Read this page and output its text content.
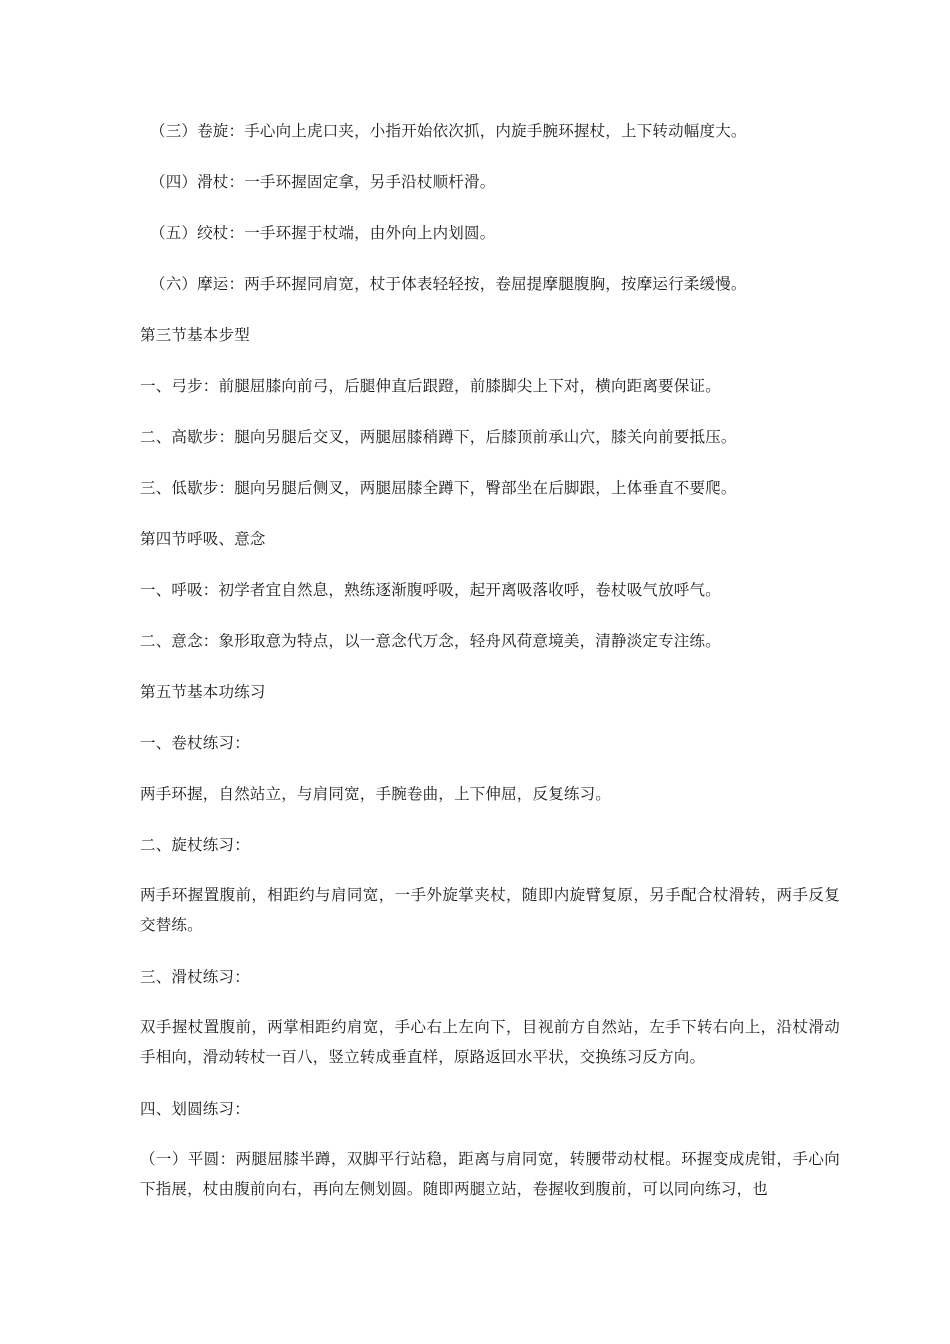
（三）卷旋：手心向上虎口夹，小指开始依次抓，内旋手腕环握杖，上下转动幅度大。
（四）滑杖：一手环握固定拿，另手沿杖顺杆滑。
（五）绞杖：一手环握于杖端，由外向上内划圆。
（六）摩运：两手环握同肩宽，杖于体表轻轻按，卷屈提摩腿腹胸，按摩运行柔缓慢。
第三节基本步型
一、弓步：前腿屈膝向前弓，后腿伸直后跟蹬，前膝脚尖上下对，横向距离要保证。
二、高歇步：腿向另腿后交叉，两腿屈膝稍蹲下，后膝顶前承山穴，膝关向前要抵压。
三、低歇步：腿向另腿后侧叉，两腿屈膝全蹲下，臀部坐在后脚跟，上体垂直不要爬。
第四节呼吸、意念
一、呼吸：初学者宜自然息，熟练逐渐腹呼吸，起开离吸落收呼，卷杖吸气放呼气。
二、意念：象形取意为特点，以一意念代万念，轻舟风荷意境美，清静淡定专注练。
第五节基本功练习
一、卷杖练习：
两手环握，自然站立，与肩同宽，手腕卷曲，上下伸屈，反复练习。
二、旋杖练习：
两手环握置腹前，相距约与肩同宽，一手外旋掌夹杖，随即内旋臂复原，另手配合杖滑转，两手反复交替练。
三、滑杖练习：
双手握杖置腹前，两掌相距约肩宽，手心右上左向下，目视前方自然站，左手下转右向上，沿杖滑动手相向，滑动转杖一百八，竖立转成垂直样，原路返回水平状，交换练习反方向。
四、划圆练习：
（一）平圆：两腿屈膝半蹲，双脚平行站稳，距离与肩同宽，转腰带动杖棍。环握变成虎钳，手心向下指展，杖由腹前向右，再向左侧划圆。随即两腿立站，卷握收到腹前，可以同向练习，也
